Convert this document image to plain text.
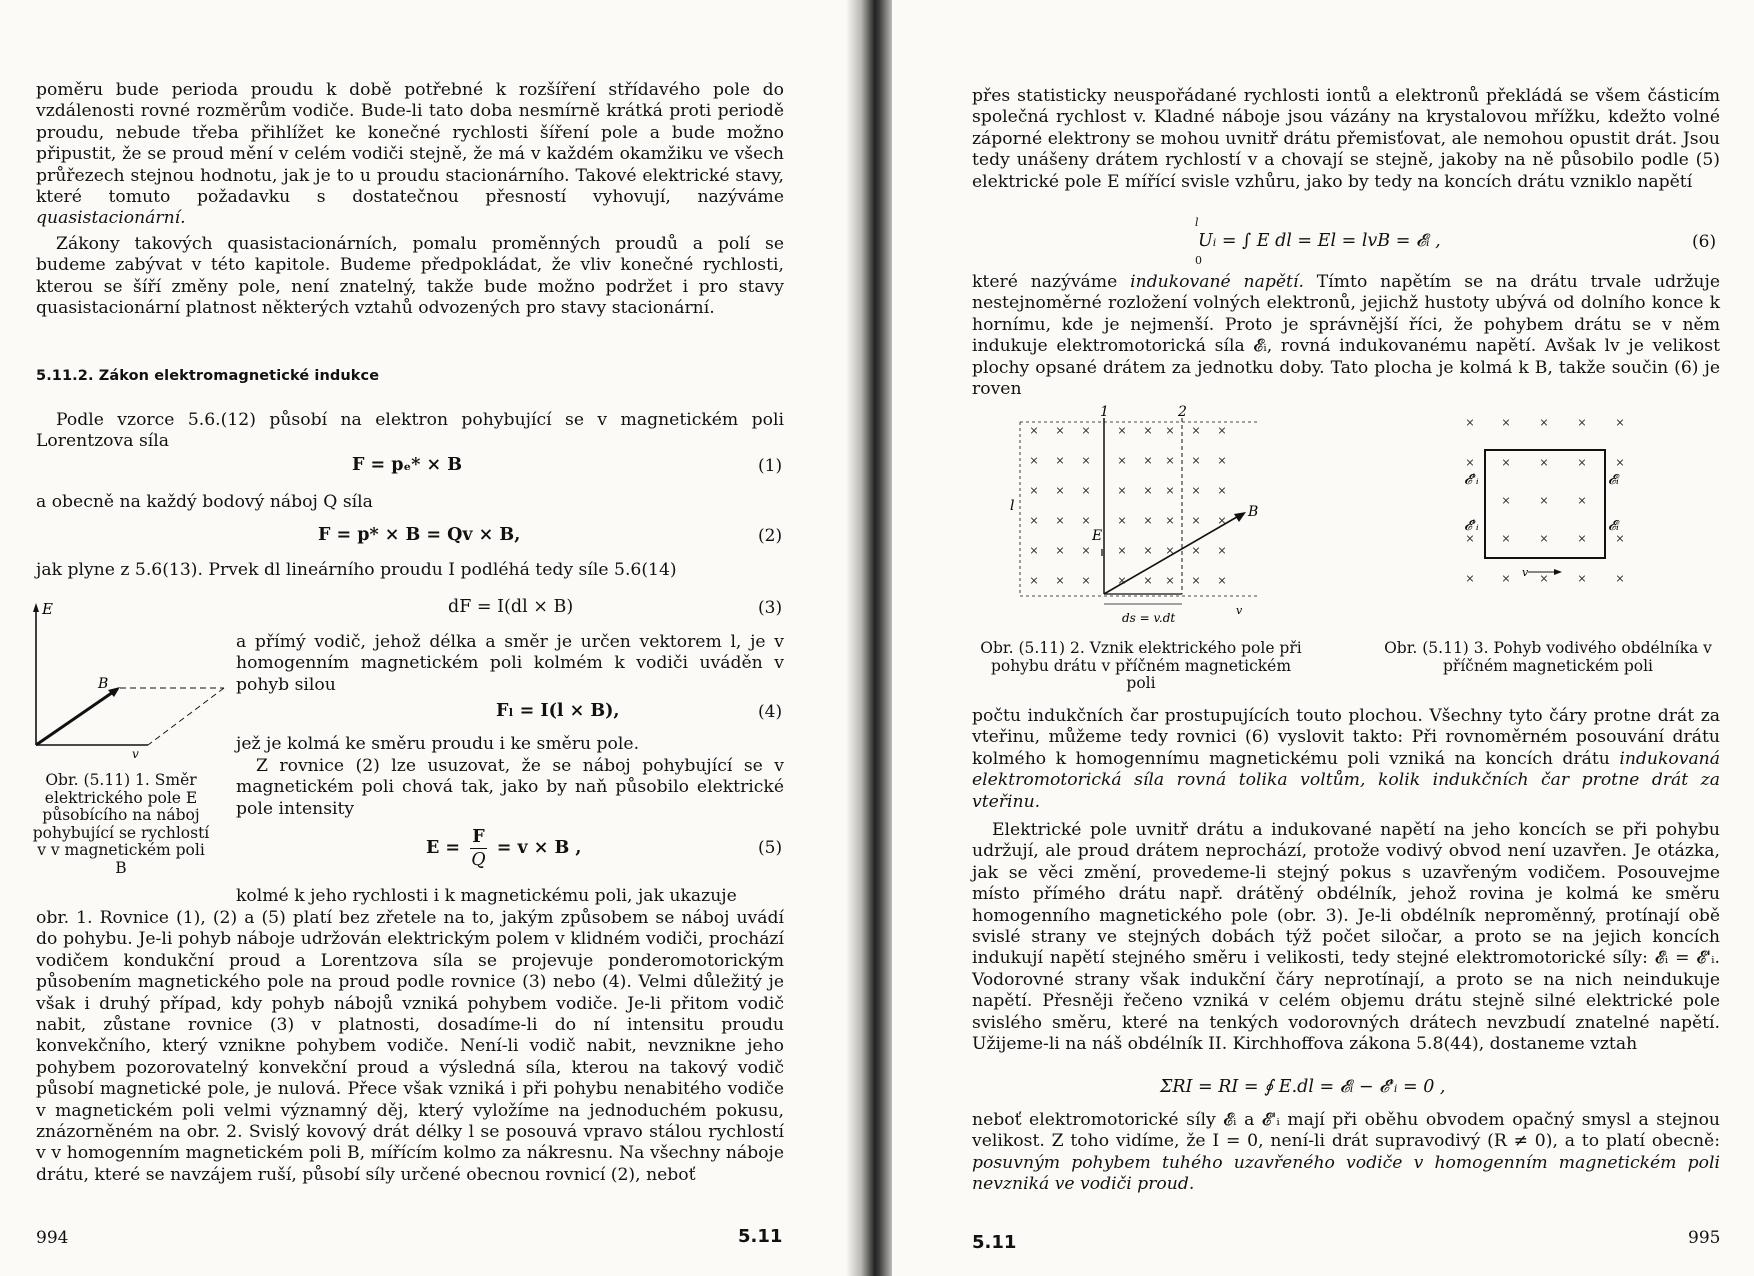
poměru bude perioda proudu k době potřebné k rozšíření střídavého pole do vzdálenosti rovné rozměrům vodiče. Bude-li tato doba nesmírně krátká proti periodě proudu, nebude třeba přihlížet ke konečné rychlosti šíření pole a bude možno připustit, že se proud mění v celém vodiči stejně, že má v každém okamžiku ve všech průřezech stejnou hodnotu, jak je to u proudu stacionárního. Takové elektrické stavy, které tomuto požadavku s dostatečnou přesností vyhovují, nazýváme quasistacionární.

Zákony takových quasistacionárních, pomalu proměnných proudů a polí se budeme zabývat v této kapitole. Budeme předpokládat, že vliv konečné rychlosti, kterou se šíří změny pole, není znatelný, takže bude možno podržet i pro stavy quasistacionární platnost některých vztahů odvozených pro stavy stacionární.

5.11.2. Zákon elektromagnetické indukce

Podle vzorce 5.6.(12) působí na elektron pohybující se v magnetickém poli Lorentzova síla

F = pₑ* × B	(1)

a obecně na každý bodový náboj Q síla

F = p* × B = Qv × B,	(2)

jak plyne z 5.6(13). Prvek dl lineárního proudu I podléhá tedy síle 5.6(14)

dF = I(dl × B)	(3)
E
B
v

a přímý vodič, jehož délka a směr je určen vektorem l, je v homogenním magnetickém poli kolmém k vodiči uváděn v pohyb silou

Fₗ = I(l × B),	(4)

jež je kolmá ke směru proudu i ke směru pole.

Z rovnice (2) lze usuzovat, že se náboj pohybující se v magnetickém poli chová tak, jako by naň působilo elektrické pole intensity

$E = \frac{F}{Q} = v \times B$ ,	(5)
Obr. (5.11) 1. Směr elektrického pole E působícího na náboj pohybující se rychlostí v v magnetickém poli B

kolmé k jeho rychlosti i k magnetickému poli, jak ukazuje

obr. 1. Rovnice (1), (2) a (5) platí bez zřetele na to, jakým způsobem se náboj uvádí do pohybu. Je-li pohyb náboje udržován elektrickým polem v klidném vodiči, prochází vodičem kondukční proud a Lorentzova síla se projevuje ponderomotorickým působením magnetického pole na proud podle rovnice (3) nebo (4). Velmi důležitý je však i druhý případ, kdy pohyb nábojů vzniká pohybem vodiče. Je-li přitom vodič nabit, zůstane rovnice (3) v platnosti, dosadíme-li do ní intensitu proudu konvekčního, který vznikne pohybem vodiče. Není-li vodič nabit, nevznikne jeho pohybem pozorovatelný konvekční proud a výsledná síla, kterou na takový vodič působí magnetické pole, je nulová. Přece však vzniká i při pohybu nenabitého vodiče v magnetickém poli velmi významný děj, který vyložíme na jednoduchém pokusu, znázorněném na obr. 2. Svislý kovový drát délky l se posouvá vpravo stálou rychlostí v v homogenním magnetickém poli B, mířícím kolmo za nákresnu. Na všechny náboje drátu, které se navzájem ruší, působí síly určené obecnou rovnicí (2), neboť

994	5.11

přes statisticky neuspořádané rychlosti iontů a elektronů překládá se všem částicím společná rychlost v. Kladné náboje jsou vázány na krystalovou mřížku, kdežto volné záporné elektrony se mohou uvnitř drátu přemisťovat, ale nemohou opustit drát. Jsou tedy unášeny drátem rychlostí v a chovají se stejně, jakoby na ně působilo podle (5) elektrické pole E mířící svisle vzhůru, jako by tedy na koncích drátu vzniklo napětí

l
Uᵢ = ∫ E dl = El = lvB = 𝓔ᵢ ,
0
(6)

které nazýváme indukované napětí. Tímto napětím se na drátu trvale udržuje nestejnoměrné rozložení volných elektronů, jejichž hustoty ubývá od dolního konce k hornímu, kde je nejmenší. Proto je správnější říci, že pohybem drátu se v něm indukuje elektromotorická síla 𝓔ᵢ, rovná indukovanému napětí. Avšak lv je velikost plochy opsané drátem za jednotku doby. Tato plocha je kolmá k B, takže součin (6) je roven

×
×
×
×
×
×
×
×
×
×
×
×
×
×
×
×
×
×
×
×
×
×
×
×
×
×
×
×
×
×
×
×
×
×
×
×
×
×
×
×
×
×
×
×
×
×
×
×
1	2
l
E
B
ds = v.dt
v
Obr. (5.11) 2. Vznik elektrického pole při pohybu drátu v příčném magnetickém poli
×
×
×
×
×
×
×
×
×
×
×
×
×
×
×
×
×
×
×
×
×
×
×
𝓔'ᵢ
𝓔'ᵢ
𝓔ᵢ
𝓔ᵢ
v
Obr. (5.11) 3. Pohyb vodivého obdélníka v příčném magnetickém poli

počtu indukčních čar prostupujících touto plochou. Všechny tyto čáry protne drát za vteřinu, můžeme tedy rovnici (6) vyslovit takto: Při rovnoměrném posouvání drátu kolmého k homogennímu magnetickému poli vzniká na koncích drátu indukovaná elektromotorická síla rovná tolika voltům, kolik indukčních čar protne drát za vteřinu.

Elektrické pole uvnitř drátu a indukované napětí na jeho koncích se při pohybu udržují, ale proud drátem neprochází, protože vodivý obvod není uzavřen. Je otázka, jak se věci změní, provedeme-li stejný pokus s uzavřeným vodičem. Posouvejme místo přímého drátu např. drátěný obdélník, jehož rovina je kolmá ke směru homogenního magnetického pole (obr. 3). Je-li obdélník neproměnný, protínají obě svislé strany ve stejných dobách týž počet siločar, a proto se na jejich koncích indukují napětí stejného směru i velikosti, tedy stejné elektromotorické síly: 𝓔ᵢ = 𝓔'ᵢ. Vodorovné strany však indukční čáry neprotínají, a proto se na nich neindukuje napětí. Přesněji řečeno vzniká v celém objemu drátu stejně silné elektrické pole svislého směru, které na tenkých vodorovných drátech nevzbudí znatelné napětí. Užijeme-li na náš obdélník II. Kirchhoffova zákona 5.8(44), dostaneme vztah

ΣRI = RI = ∮ E.dl = 𝓔ᵢ − 𝓔'ᵢ = 0 ,

neboť elektromotorické síly 𝓔ᵢ a 𝓔'ᵢ mají při oběhu obvodem opačný smysl a stejnou velikost. Z toho vidíme, že I = 0, není-li drát supravodivý (R ≠ 0), a to platí obecně: posuvným pohybem tuhého uzavřeného vodiče v homogenním magnetickém poli nevzniká ve vodiči proud.

5.11	995
